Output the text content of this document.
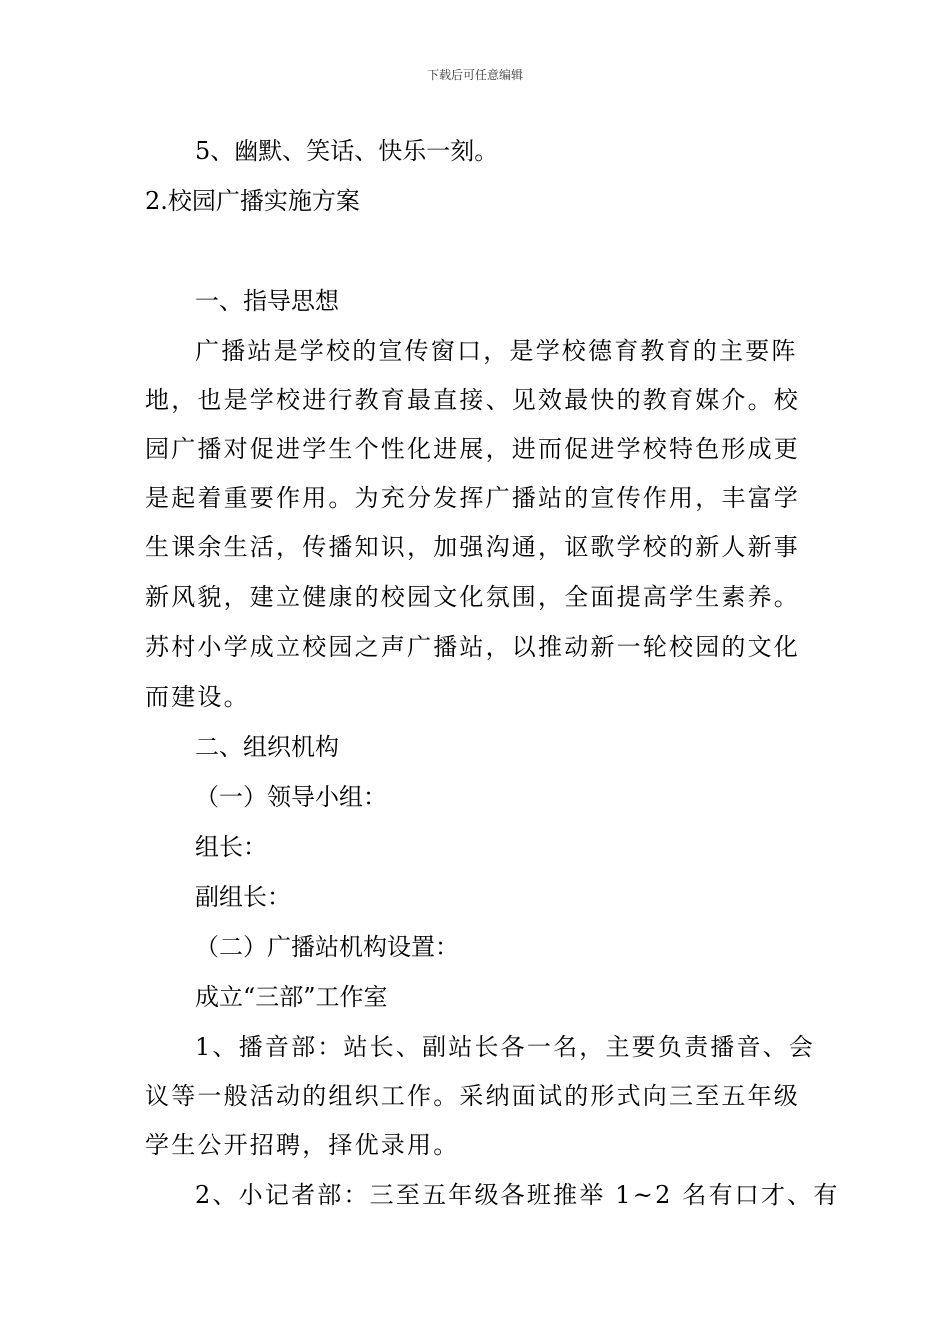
下载后可任意编辑
5、幽默、笑话、快乐一刻。
2.校园广播实施方案
一、指导思想
广播站是学校的宣传窗口，是学校德育教育的主要阵
地，也是学校进行教育最直接、见效最快的教育媒介。校
园广播对促进学生个性化进展，进而促进学校特色形成更
是起着重要作用。为充分发挥广播站的宣传作用，丰富学
生课余生活，传播知识，加强沟通，讴歌学校的新人新事
新风貌，建立健康的校园文化氛围，全面提高学生素养。
苏村小学成立校园之声广播站，以推动新一轮校园的文化
而建设。
二、组织机构
（一）领导小组：
组长：
副组长：
（二）广播站机构设置：
成立“三部”工作室
1、播音部：站长、副站长各一名，主要负责播音、会
议等一般活动的组织工作。采纳面试的形式向三至五年级
学生公开招聘，择优录用。
2、小记者部：三至五年级各班推举 1~2 名有口才、有
